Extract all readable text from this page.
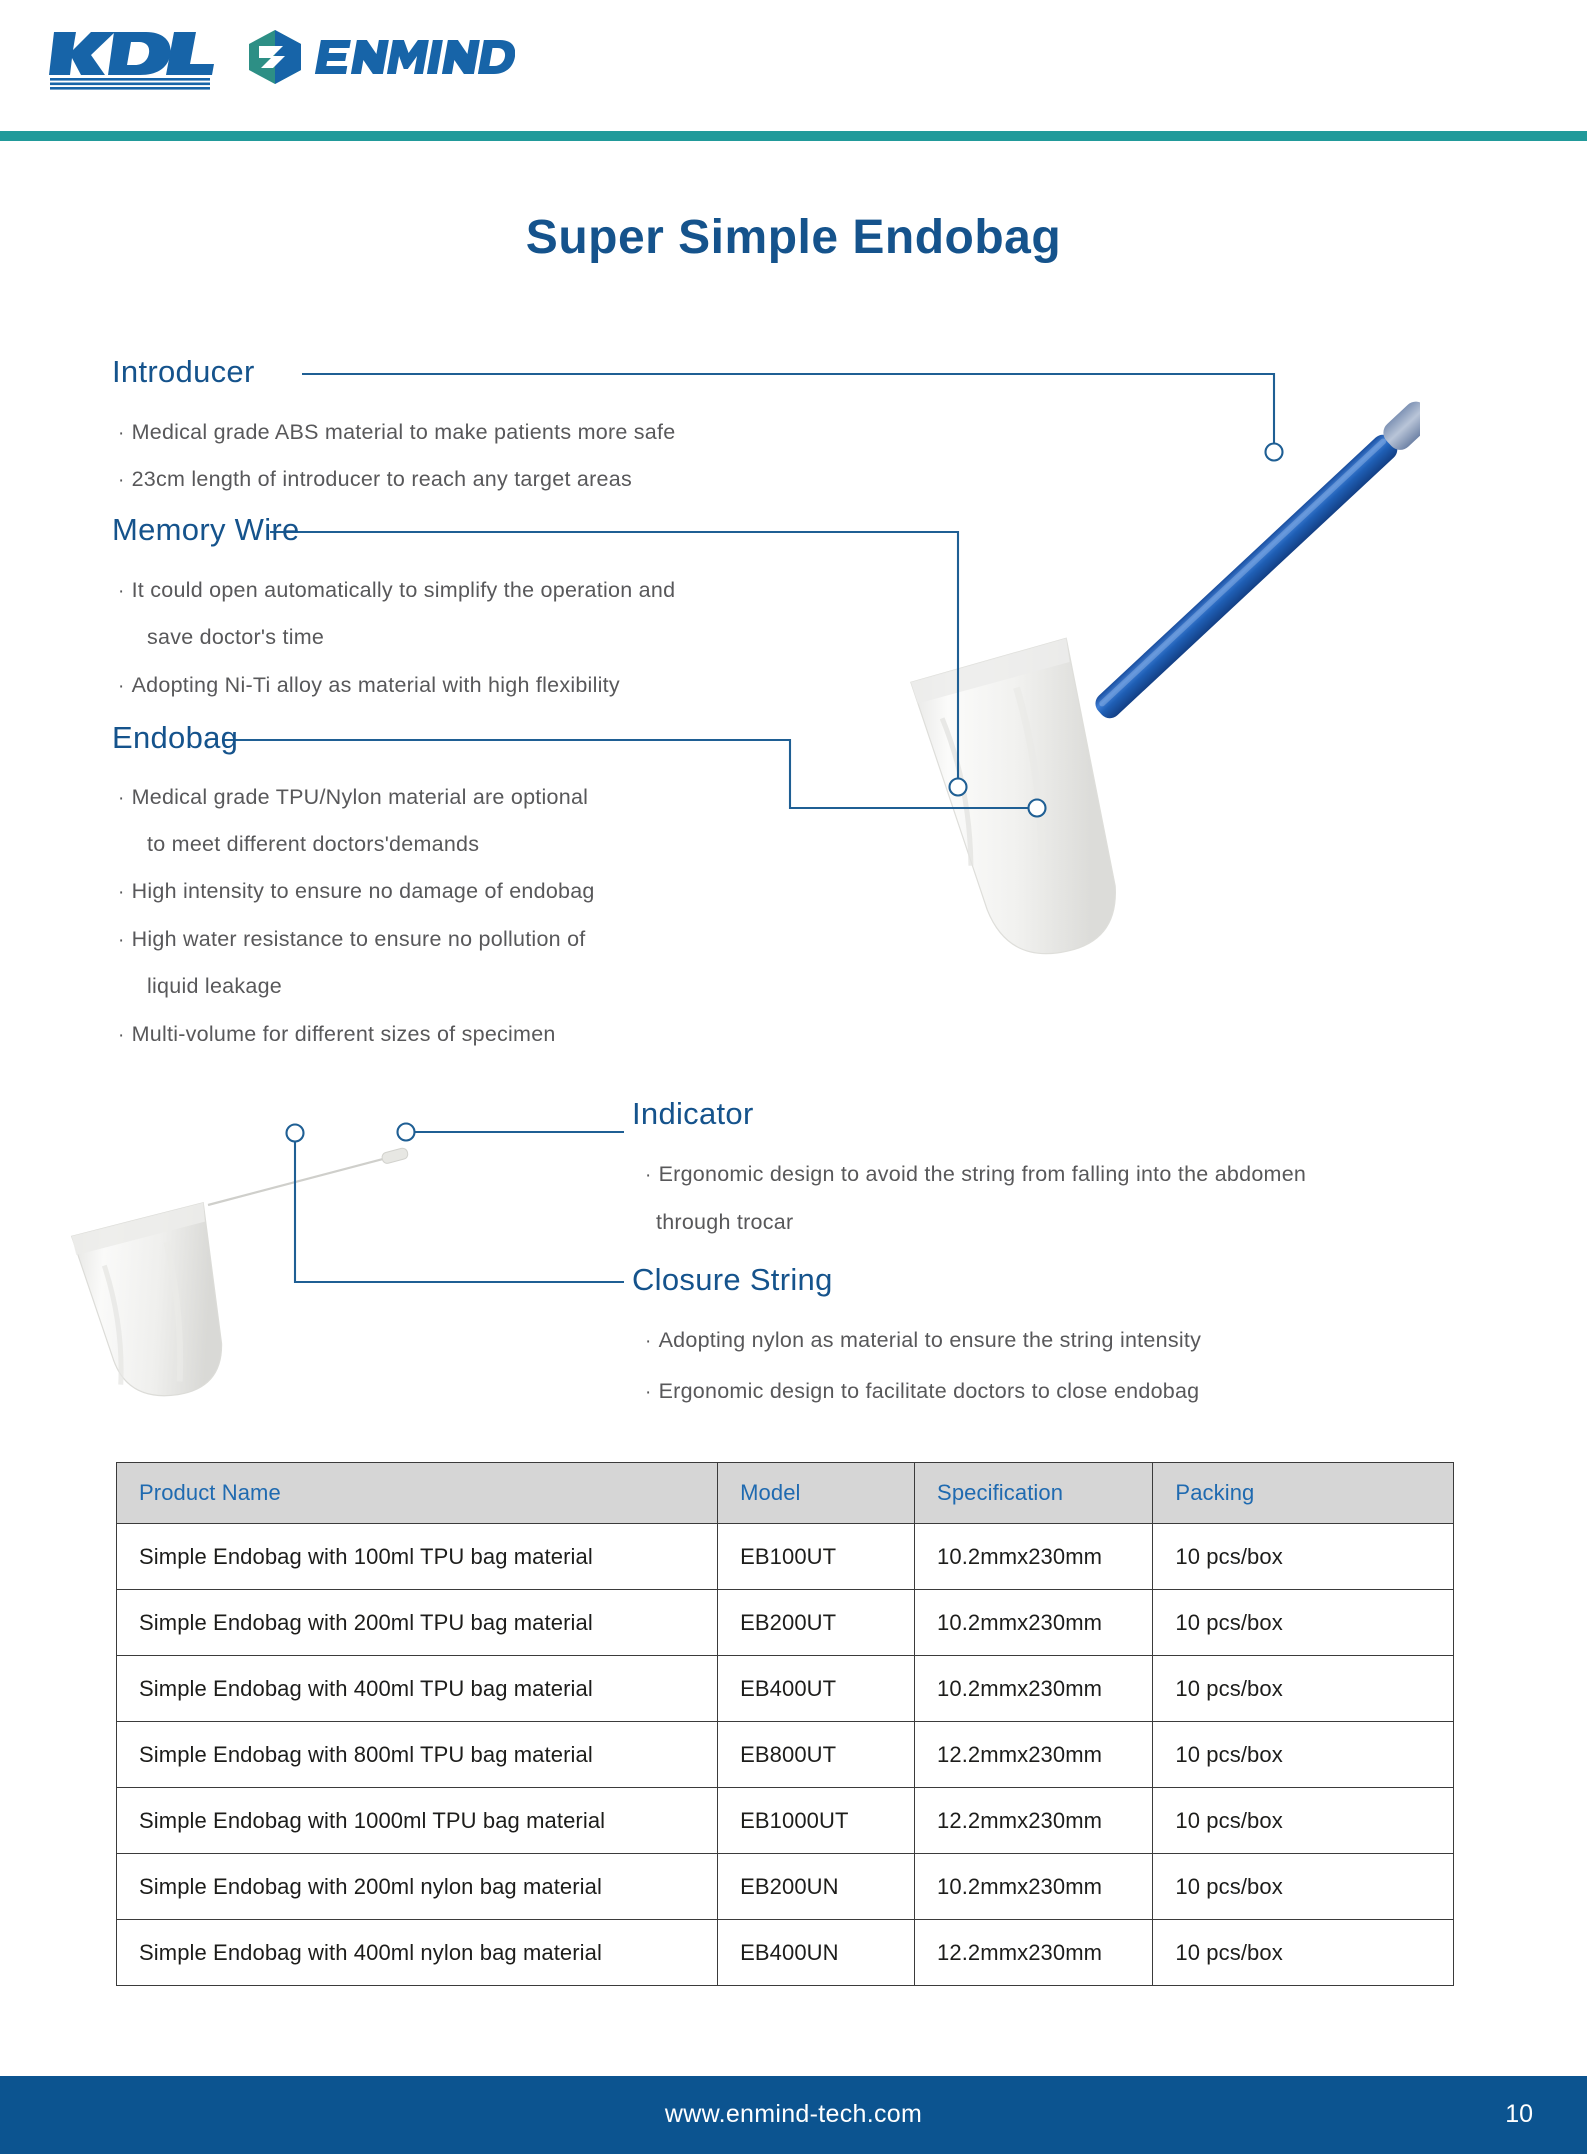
Super Simple Endobag
Introducer
· Medical grade ABS material to make patients more safe
· 23cm length of introducer to reach any target areas
Memory Wire
· It could open automatically to simplify the operation and
save doctor's time
· Adopting Ni-Ti alloy as material with high flexibility
Endobag
· Medical grade TPU/Nylon material are optional
to meet different doctors'demands
· High intensity to ensure no damage of endobag
· High water resistance to ensure no pollution of
liquid leakage
· Multi-volume for different sizes of specimen
Indicator
· Ergonomic design to avoid the string from falling into the abdomen
through trocar
Closure String
· Adopting nylon as material to ensure the string intensity
· Ergonomic design to facilitate doctors to close endobag
Product Name	Model	Specification	Packing
Simple Endobag with 100ml TPU bag material	EB100UT	10.2mmx230mm	10 pcs/box
Simple Endobag with 200ml TPU bag material	EB200UT	10.2mmx230mm	10 pcs/box
Simple Endobag with 400ml TPU bag material	EB400UT	10.2mmx230mm	10 pcs/box
Simple Endobag with 800ml TPU bag material	EB800UT	12.2mmx230mm	10 pcs/box
Simple Endobag with 1000ml TPU bag material	EB1000UT	12.2mmx230mm	10 pcs/box
Simple Endobag with 200ml nylon bag material	EB200UN	10.2mmx230mm	10 pcs/box
Simple Endobag with 400ml nylon bag material	EB400UN	12.2mmx230mm	10 pcs/box
www.enmind-tech.com	10
